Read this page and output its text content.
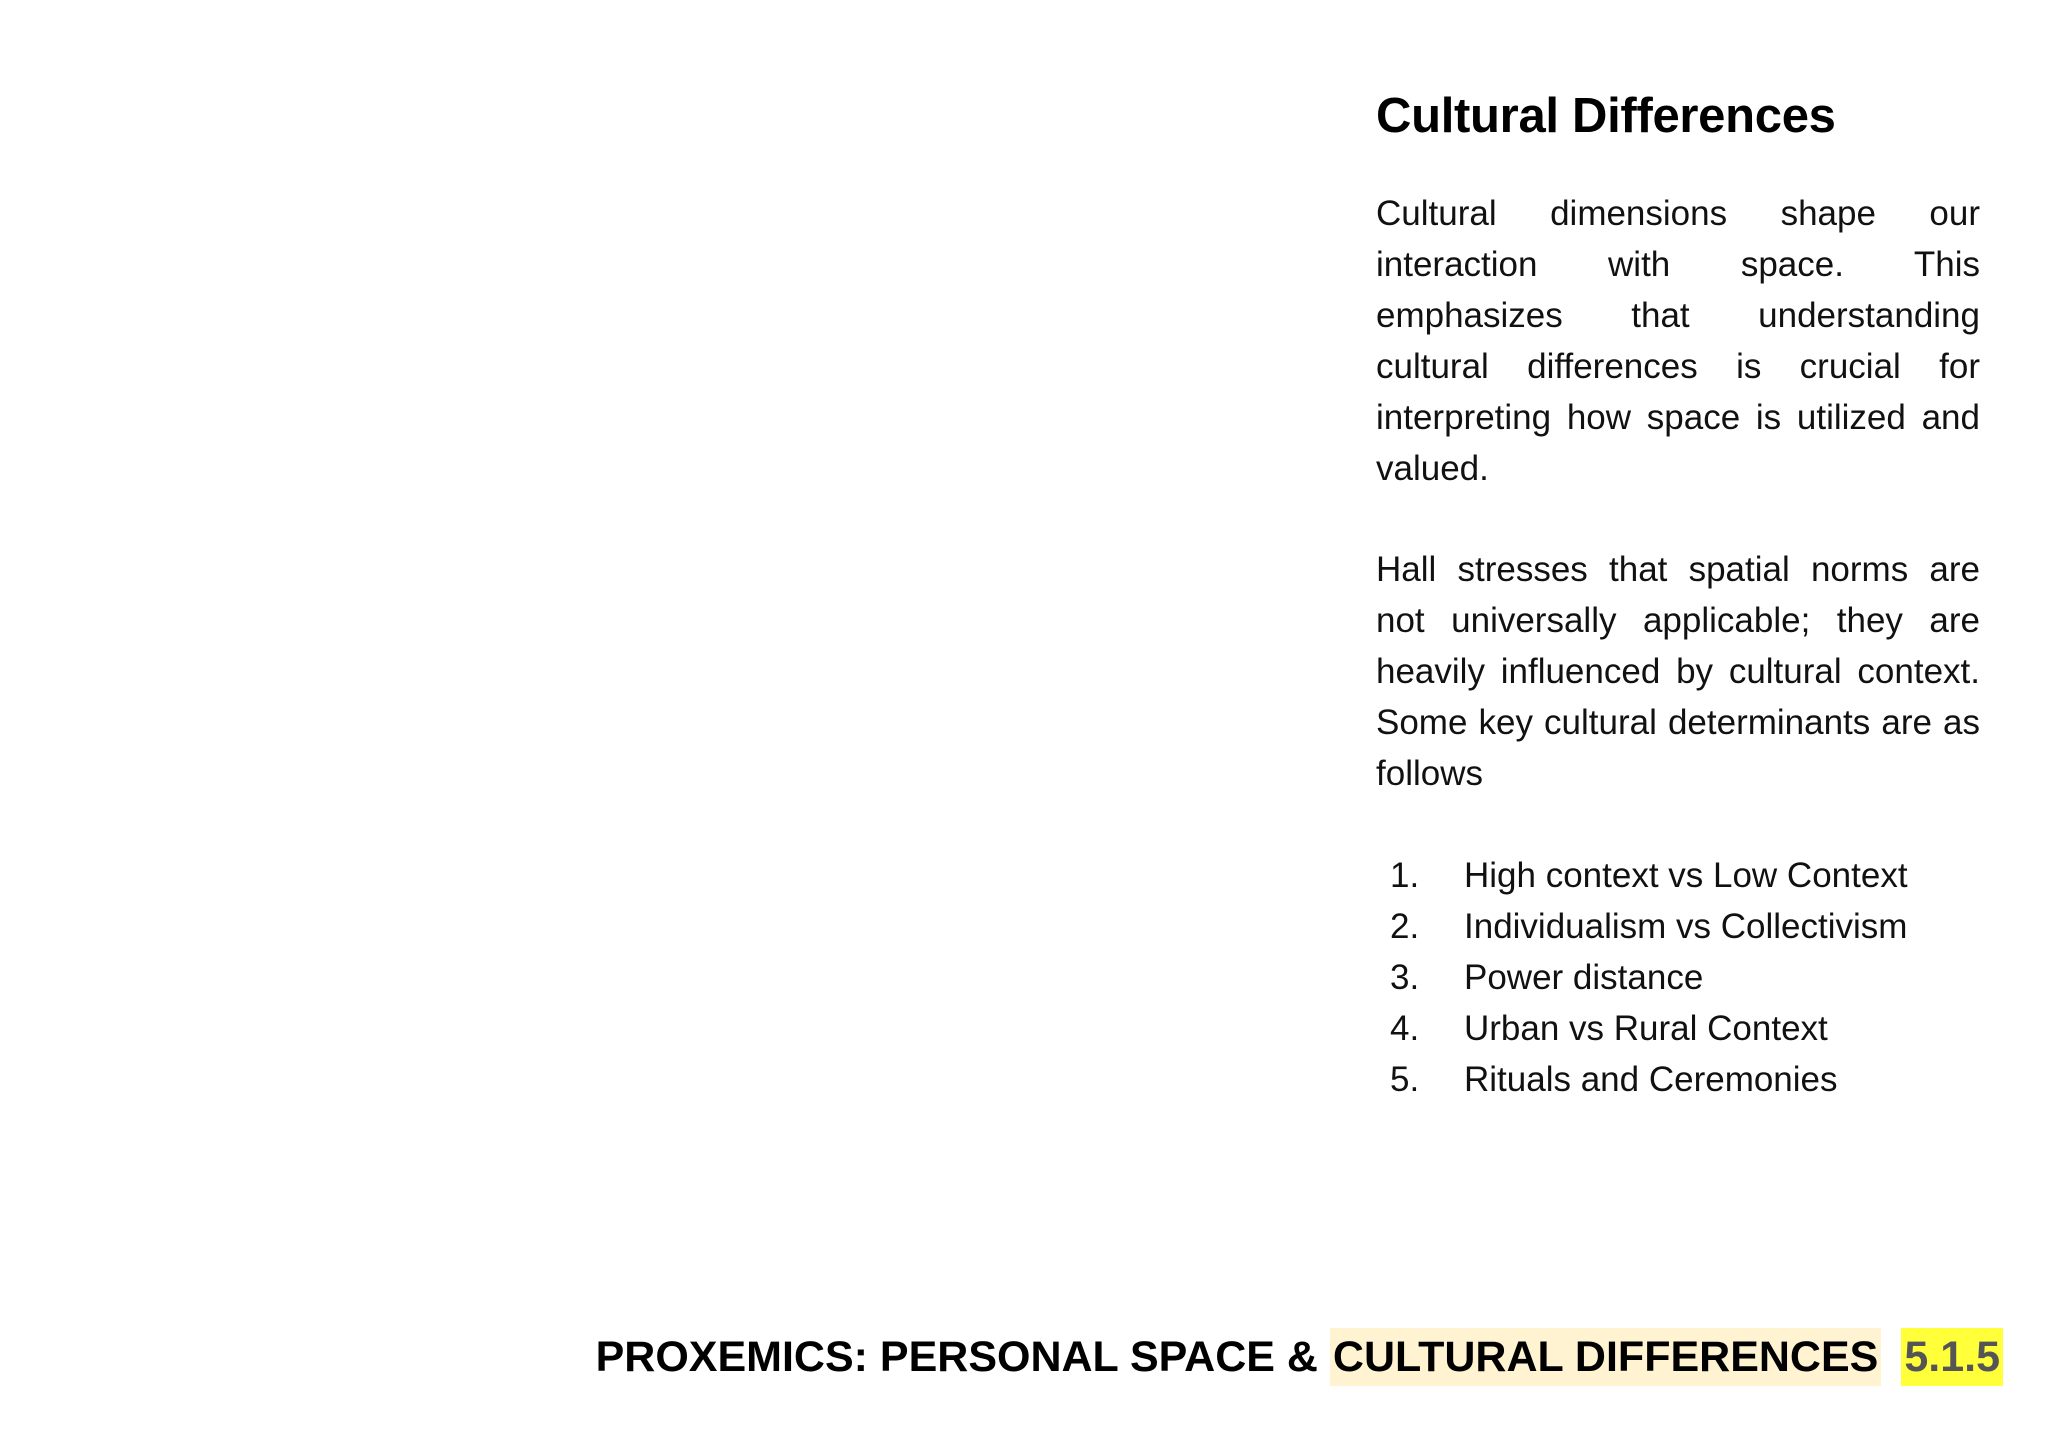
Cultural Differences

Cultural dimensions shape our interaction with space. This emphasizes that understanding cultural differences is crucial for interpreting how space is utilized and valued.

Hall stresses that spatial norms are not universally applicable; they are heavily influenced by cultural context. Some key cultural determinants are as follows

1.	High context vs Low Context
2.	Individualism vs Collectivism
3.	Power distance
4.	Urban vs Rural Context
5.	Rituals and Ceremonies
PROXEMICS: PERSONAL SPACE & CULTURAL DIFFERENCES 5.1.5
